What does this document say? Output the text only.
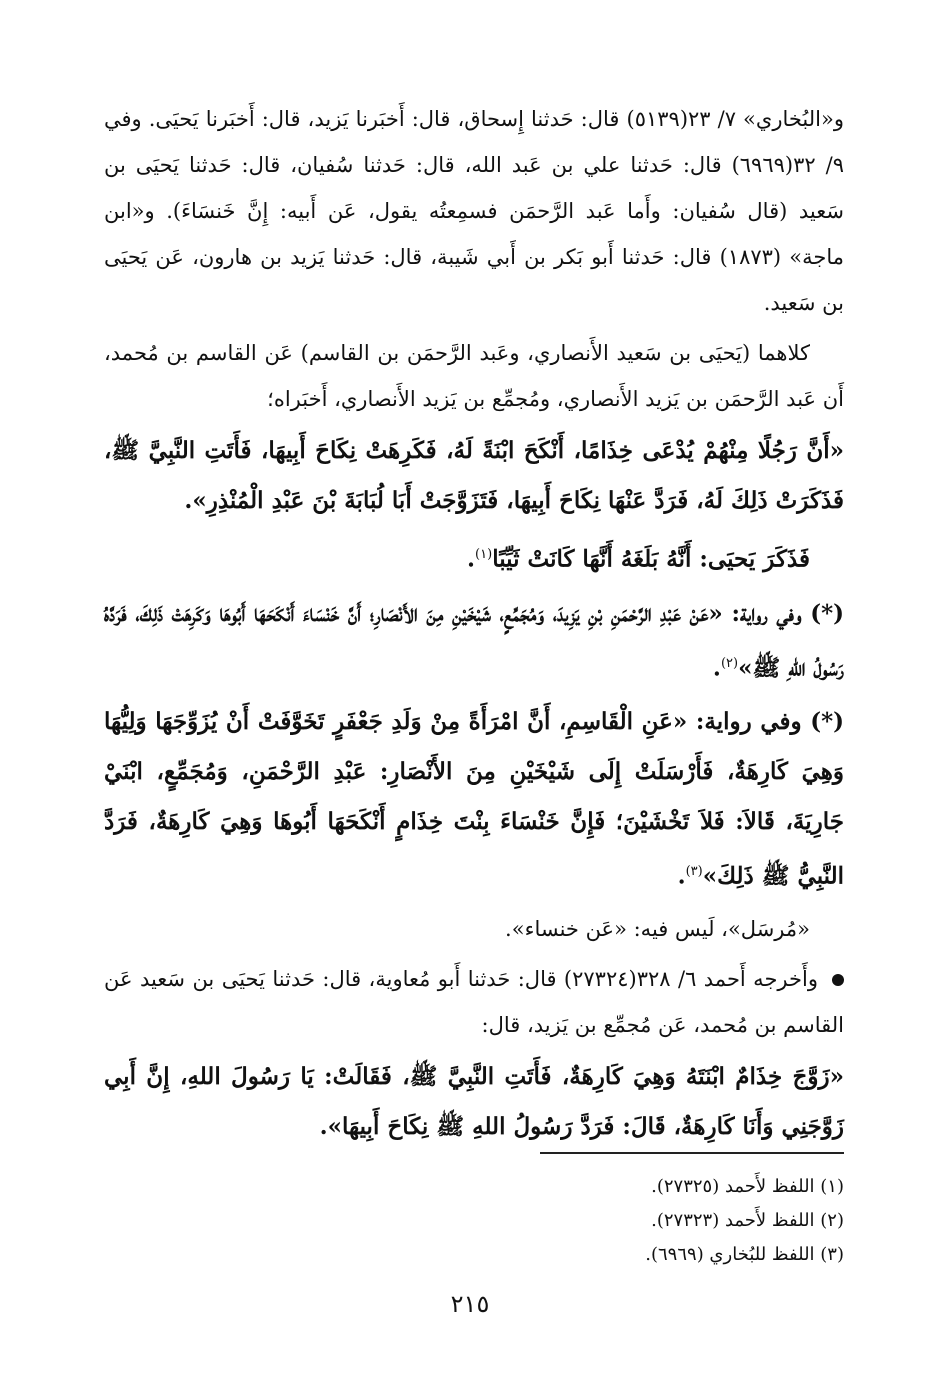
و«البُخاري» ٧/ ٢٣(٥١٣٩) قال: حَدثنا إِسحاق، قال: أَخبَرنا يَزيد، قال: أَخبَرنا يَحيَى. وفي ٩/ ٣٢(٦٩٦٩) قال: حَدثنا علي بن عَبد الله، قال: حَدثنا سُفيان، قال: حَدثنا يَحيَى بن سَعيد (قال سُفيان: وأَما عَبد الرَّحمَن فسمِعتُه يقول، عَن أَبيه: إِنَّ خَنسَاءَ). و«ابن ماجة» (١٨٧٣) قال: حَدثنا أَبو بَكر بن أَبي شَيبة، قال: حَدثنا يَزيد بن هارون، عَن يَحيَى بن سَعيد.

كلاهما (يَحيَى بن سَعيد الأَنصاري، وعَبد الرَّحمَن بن القاسم) عَن القاسم بن مُحمد، أَن عَبد الرَّحمَن بن يَزيد الأَنصاري، ومُجمِّع بن يَزيد الأَنصاري، أَخبَراه؛

«أَنَّ رَجُلًا مِنْهُمْ يُدْعَى خِذَامًا، أَنْكَحَ ابْنَةً لَهُ، فَكَرِهَتْ نِكَاحَ أَبِيهَا، فَأَتَتِ النَّبِيَّ ﷺ، فَذَكَرَتْ ذَلِكَ لَهُ، فَرَدَّ عَنْهَا نِكَاحَ أَبِيهَا، فَتَزَوَّجَتْ أَبَا لُبَابَةَ بْنَ عَبْدِ الْمُنْذِرِ».

فَذَكَرَ يَحيَى: أَنَّهُ بَلَغَهُ أَنَّهَا كَانَتْ ثَيِّبًا$^{(١)}$.

(*) وفي رواية: «عَنْ عَبْدِ الرَّحْمَنِ بْنِ يَزِيدَ، وَمُجَمِّعٍ، شَيْخَيْنِ مِنَ الأَنْصَارِ؛ أَنَّ خَنْسَاءَ أَنْكَحَهَا أَبُوهَا وَكَرِهَتْ ذَلِكَ، فَرَدَّهُ رَسُولُ اللهِ ﷺ»$^{(٢)}$.

(*) وفي رواية: «عَنِ الْقَاسِمِ، أَنَّ امْرَأَةً مِنْ وَلَدِ جَعْفَرٍ تَخَوَّفَتْ أَنْ يُزَوِّجَهَا وَلِيُّهَا وَهِيَ كَارِهَةٌ، فَأَرْسَلَتْ إِلَى شَيْخَيْنِ مِنَ الأَنْصَارِ: عَبْدِ الرَّحْمَنِ، وَمُجَمِّعٍ، ابْنَيْ جَارِيَةَ، قَالاَ: فَلاَ تَخْشَيْنَ؛ فَإِنَّ خَنْسَاءَ بِنْتَ خِذَامٍ أَنْكَحَهَا أَبُوهَا وَهِيَ كَارِهَةٌ، فَرَدَّ النَّبِيُّ ﷺ ذَلِكَ»$^{(٣)}$.

«مُرسَل»، لَيس فيه: «عَن خنساء».

وأَخرجه أَحمد ٦/ ٣٢٨(٢٧٣٢٤) قال: حَدثنا أَبو مُعاوية، قال: حَدثنا يَحيَى بن سَعيد عَن القاسم بن مُحمد، عَن مُجمِّع بن يَزيد، قال:

«زَوَّجَ خِذَامٌ ابْنَتَهُ وَهِيَ كَارِهَةٌ، فَأَتَتِ النَّبِيَّ ﷺ، فَقَالَتْ: يَا رَسُولَ اللهِ، إِنَّ أَبِي زَوَّجَنِي وَأَنَا كَارِهَةٌ، قَالَ: فَرَدَّ رَسُولُ اللهِ ﷺ نِكَاحَ أَبِيهَا».

(١) اللفظ لأَحمد (٢٧٣٢٥).

(٢) اللفظ لأَحمد (٢٧٣٢٣).

(٣) اللفظ للبُخاري (٦٩٦٩).

٢١٥
